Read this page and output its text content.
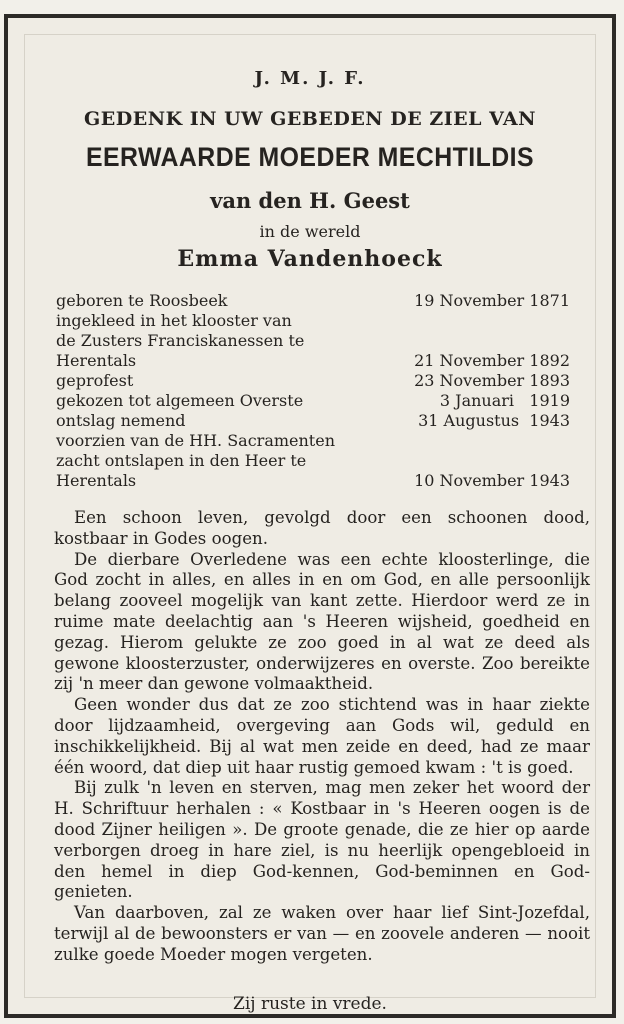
J. M. J. F.
GEDENK IN UW GEBEDEN DE ZIEL VAN
EERWAARDE MOEDER MECHTILDIS
van den H. Geest
in de wereld
Emma Vandenhoeck
geboren te Roosbeek	19 November 1871
ingekleed in het klooster van
de Zusters Franciskanessen te
Herentals	21 November 1892
geprofest	23 November 1893
gekozen tot algemeen Overste	3 Januari   1919
ontslag nemend	31 Augustus  1943
voorzien van de HH. Sacramenten
zacht ontslapen in den Heer te
Herentals	10 November 1943

Een schoon leven, gevolgd door een schoonen dood, kostbaar in Godes oogen.

De dierbare Overledene was een echte kloosterlinge, die God zocht in alles, en alles in en om God, en alle persoonlijk belang zooveel mogelijk van kant zette. Hierdoor werd ze in ruime mate deelachtig aan 's Heeren wijsheid, goedheid en gezag. Hierom gelukte ze zoo goed in al wat ze deed als gewone kloosterzuster, onderwijzeres en overste. Zoo bereikte zij 'n meer dan gewone volmaaktheid.

Geen wonder dus dat ze zoo stichtend was in haar ziekte door lijdzaamheid, overgeving aan Gods wil, geduld en inschikkelijkheid. Bij al wat men zeide en deed, had ze maar één woord, dat diep uit haar rustig gemoed kwam : 't is goed.

Bij zulk 'n leven en sterven, mag men zeker het woord der H. Schriftuur herhalen : « Kostbaar in 's Heeren oogen is de dood Zijner heiligen ». De groote genade, die ze hier op aarde verborgen droeg in hare ziel, is nu heerlijk opengebloeid in den hemel in diep God-kennen, God-beminnen en God-genieten.

Van daarboven, zal ze waken over haar lief Sint-Jozefdal, terwijl al de bewoonsters er van — en zoovele anderen — nooit zulke goede Moeder mogen vergeten.

Zij ruste in vrede.
